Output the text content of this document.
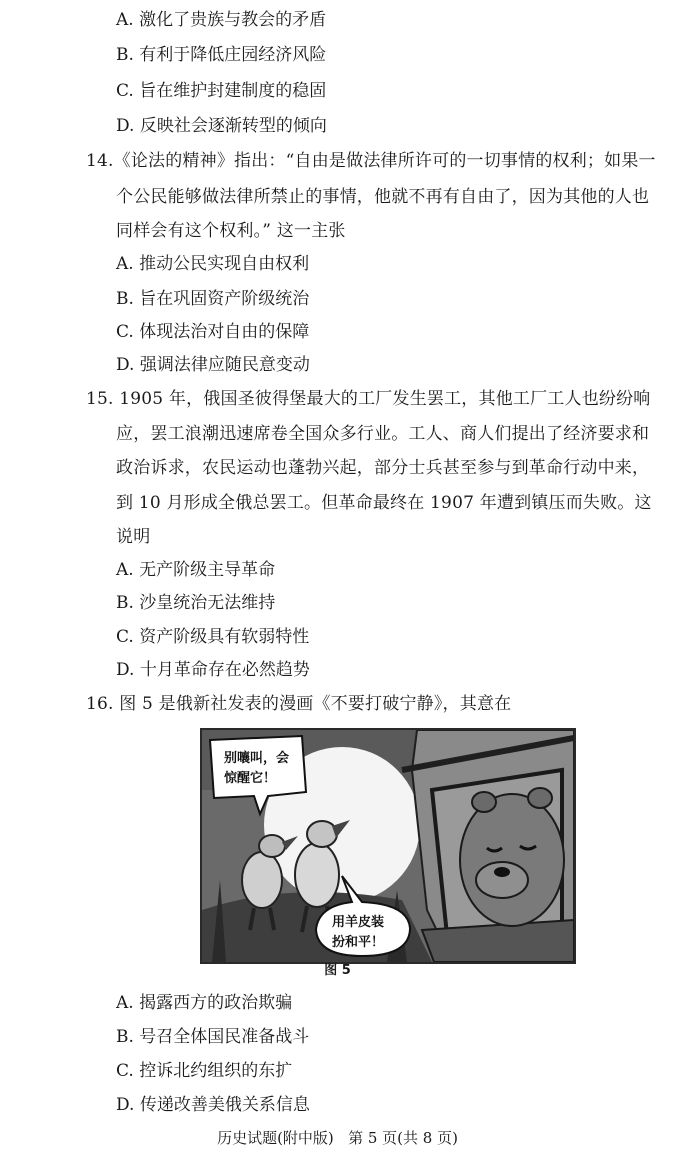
A. 激化了贵族与教会的矛盾
B. 有利于降低庄园经济风险
C. 旨在维护封建制度的稳固
D. 反映社会逐渐转型的倾向
14.《论法的精神》指出：“自由是做法律所许可的一切事情的权利；如果一
个公民能够做法律所禁止的事情，他就不再有自由了，因为其他的人也
同样会有这个权利。” 这一主张
A. 推动公民实现自由权利
B. 旨在巩固资产阶级统治
C. 体现法治对自由的保障
D. 强调法律应随民意变动
15. 1905 年，俄国圣彼得堡最大的工厂发生罢工，其他工厂工人也纷纷响
应，罢工浪潮迅速席卷全国众多行业。工人、商人们提出了经济要求和
政治诉求，农民运动也蓬勃兴起，部分士兵甚至参与到革命行动中来，
到 10 月形成全俄总罢工。但革命最终在 1907 年遭到镇压而失败。这
说明
A. 无产阶级主导革命
B. 沙皇统治无法维持
C. 资产阶级具有软弱特性
D. 十月革命存在必然趋势
16. 图 5 是俄新社发表的漫画《不要打破宁静》，其意在
别嚷叫，会
惊醒它！
用羊皮装
扮和平！
图 5
A. 揭露西方的政治欺骗
B. 号召全体国民准备战斗
C. 控诉北约组织的东扩
D. 传递改善美俄关系信息
历史试题(附中版)   第 5 页(共 8 页)
